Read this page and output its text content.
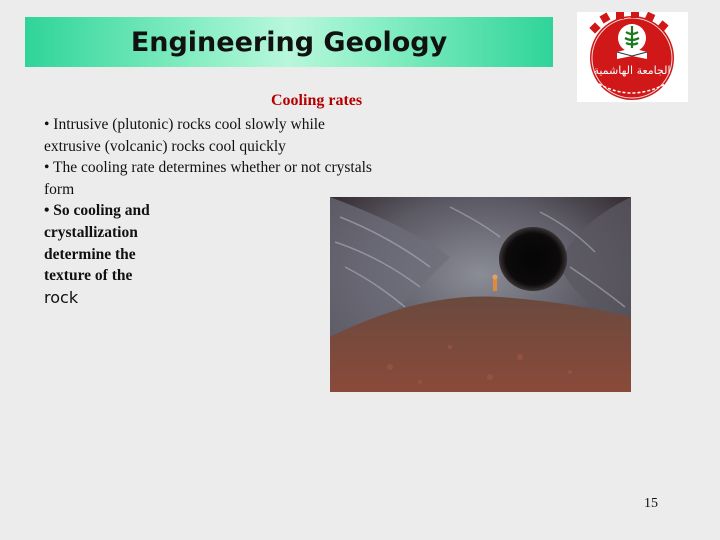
Engineering Geology
الجامعة الهاشمية
Cooling rates
• Intrusive (plutonic) rocks cool slowly while extrusive (volcanic) rocks cool quickly
• The cooling rate determines whether or not crystals form
• So cooling and crystallization determine the texture of the
rock
15
